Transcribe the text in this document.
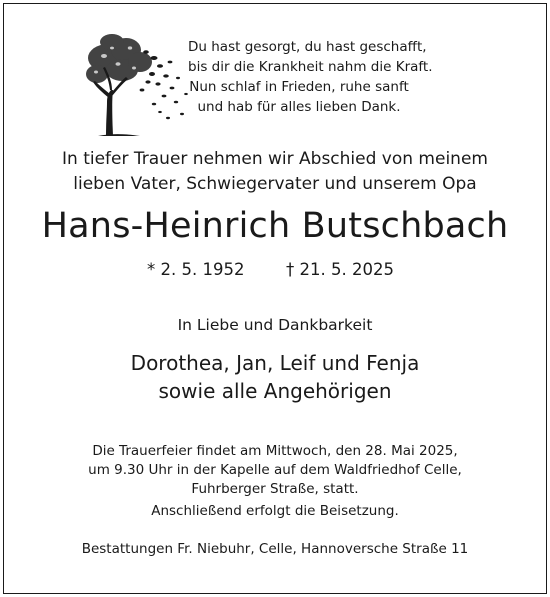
Du hast gesorgt, du hast geschafft,
bis dir die Krankheit nahm die Kraft.
Nun schlaf in Frieden, ruhe sanft
und hab für alles lieben Dank.
In tiefer Trauer nehmen wir Abschied von meinem
lieben Vater, Schwiegervater und unserem Opa
Hans-Heinrich Butschbach
* 2. 5. 1952	† 21. 5. 2025
In Liebe und Dankbarkeit
Dorothea, Jan, Leif und Fenja
sowie alle Angehörigen
Die Trauerfeier findet am Mittwoch, den 28. Mai 2025,
um 9.30 Uhr in der Kapelle auf dem Waldfriedhof Celle,
Fuhrberger Straße, statt.
Anschließend erfolgt die Beisetzung.
Bestattungen Fr. Niebuhr, Celle, Hannoversche Straße 11
